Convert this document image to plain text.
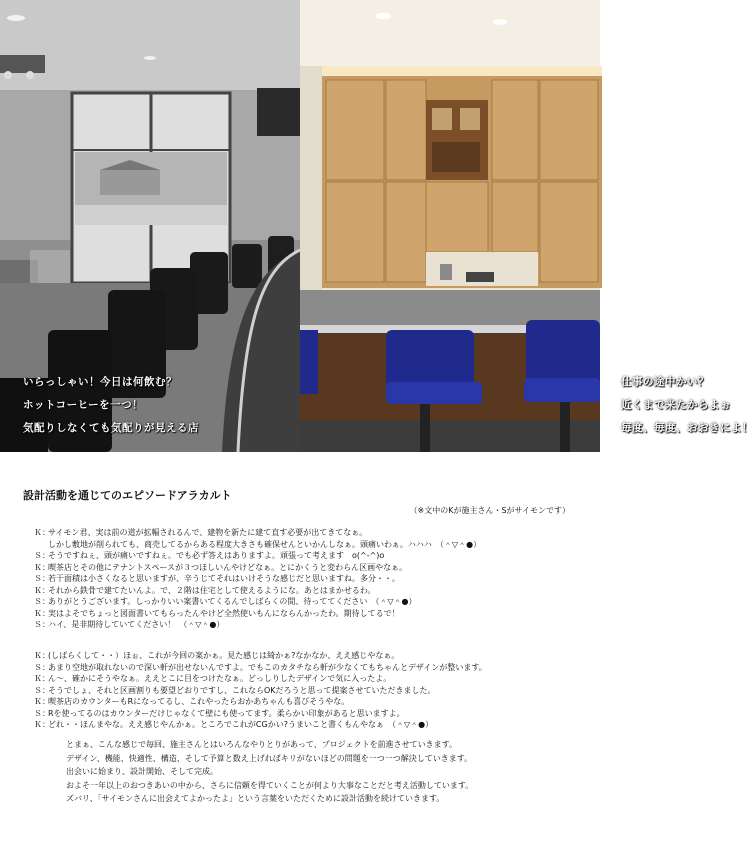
いらっしゃい！今日は何飲む？
ホットコーヒーを一つ！
気配りしなくても気配りが見える店
仕事の途中かい？
近くまで来たからよぉ
毎度、毎度、おおきによ！
設計活動を通じてのエピソードアラカルト
（※文中のKが施主さん・Sがサイモンです）
Ｋ：
サイモン君、実は前の道が拡幅されるんで、建物を新たに建て直す必要が出てきてなぁ。
しかし敷地が削られても、商売してるからある程度大きさも確保せんといかんしなぁ。頭痛いわぁ。ハハハ　（＾▽＾●）
Ｓ：
そうですねぇ、頭が痛いですねぇ。でも必ず答えはありますよ。頑張って考えます　o(^-^)o
Ｋ：
喫茶店とその他にテナントスペースが３つほしいんやけどなぁ。とにかくうと変わらん区画やなぁ。
Ｓ：
若干面積は小さくなると思いますが、辛うじてそれはいけそうな感じだと思いますね。多分・・。
Ｋ：
それから鉄骨で建てたいんよ。で、２階は住宅として使えるようにな。あとはまかせるわ。
Ｓ：
ありがとうございます。しっかりいい案書いてくるんでしばらくの間、待っててください　（＾▽＾●）
Ｋ：
実はよそでちょっと図面書いてもらったんやけど全然使いもんにならんかったわ。期待してるで！
Ｓ：
ハイ、是非期待していてください！　（＾▽＾●）
Ｋ：
(しばらくして・・）ほぉ、これが今回の案かぁ。見た感じは綺かぁ?なかなか、ええ感じやなぁ。
Ｓ：
あまり空地が取れないので深い軒が出せないんですよ。でもこのカタチなら軒が少なくてもちゃんとデザインが整います。
Ｋ：
ん〜、確かにそうやなぁ。ええとこに目をつけたなぁ。どっしりしたデザインで気に入ったよ。
Ｓ：
そうでしょ、それと区画割りも要望どおりですし、これならOKだろうと思って提案させていただきました。
Ｋ：
喫茶店のカウンターもRになってるし、これやったらおかあちゃんも喜びそうやな。
Ｓ：
Rを使ってるのはカウンターだけじゃなくて壁にも使ってます。柔らかい印象があると思いますよ。
Ｋ：
どれ・・ほんまやな。ええ感じやんかぁ。ところでこれがCGかい?うまいこと書くもんやなぁ　（＾▽＾●）
とまぁ、こんな感じで毎回、施主さんとはいろんなやりとりがあって、プロジェクトを前進させていきます。
デザイン、機能、快適性、構造、そして予算と数え上げればキリがないほどの問題を一つ一つ解決していきます。
出会いに始まり、設計開始、そして完成。
およそ一年以上のおつきあいの中から、さらに信頼を得ていくことが何より大事なことだと考え活動しています。
ズバリ、「サイモンさんに出会えてよかったよ」という言葉をいただくために設計活動を続けていきます。
